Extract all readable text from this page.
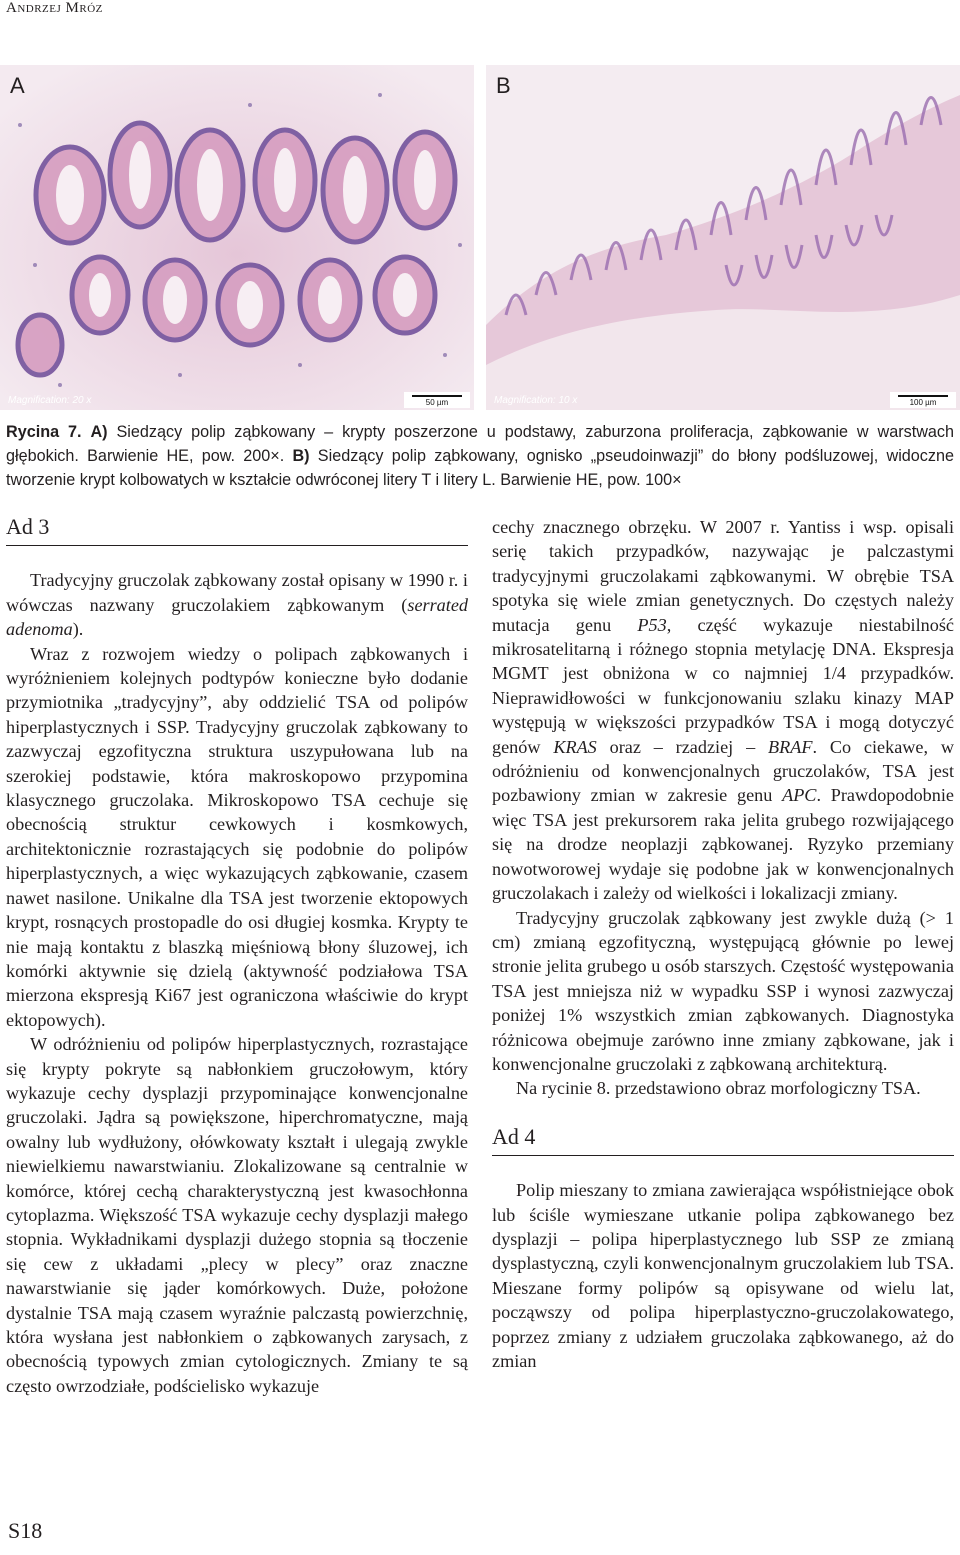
Andrzej Mróz
A
Magnification: 20 x	50 µm
B
Magnification: 10 x	100 µm
Rycina 7. A) Siedzący polip ząbkowany – krypty poszerzone u podstawy, zaburzona proliferacja, ząbkowanie w warstwach głębokich. Barwienie HE, pow. 200×. B) Siedzący polip ząbkowany, ognisko „pseudoinwazji” do błony podśluzowej, widoczne tworzenie krypt kolbowatych w kształcie odwróconej litery T i litery L. Barwienie HE, pow. 100×
Ad 3

Tradycyjny gruczolak ząbkowany został opisany w 1990 r. i wówczas nazwany gruczolakiem ząbkowanym (serrated adenoma).

Wraz z rozwojem wiedzy o polipach ząbkowanych i wyróżnieniem kolejnych podtypów konieczne było dodanie przymiotnika „tradycyjny”, aby oddzielić TSA od polipów hiperplastycznych i SSP. Tradycyjny gruczolak ząbkowany to zazwyczaj egzofityczna struktura uszypułowana lub na szerokiej podstawie, która makroskopowo przypomina klasycznego gruczolaka. Mikroskopowo TSA cechuje się obecnością struktur cewkowych i kosmkowych, architektonicznie rozrastających się podobnie do polipów hiperplastycznych, a więc wykazujących ząbkowanie, czasem nawet nasilone. Unikalne dla TSA jest tworzenie ektopowych krypt, rosnących prostopadle do osi długiej kosmka. Krypty te nie mają kontaktu z blaszką mięśniową błony śluzowej, ich komórki aktywnie się dzielą (aktywność podziałowa TSA mierzona ekspresją Ki67 jest ograniczona właściwie do krypt ektopowych).

W odróżnieniu od polipów hiperplastycznych, rozrastające się krypty pokryte są nabłonkiem gruczołowym, który wykazuje cechy dysplazji przypominające konwencjonalne gruczolaki. Jądra są powiększone, hiperchromatyczne, mają owalny lub wydłużony, ołówkowaty kształt i ulegają zwykle niewielkiemu nawarstwianiu. Zlokalizowane są centralnie w komórce, której cechą charakterystyczną jest kwasochłonna cytoplazma. Większość TSA wykazuje cechy dysplazji małego stopnia. Wykładnikami dysplazji dużego stopnia są tłoczenie się cew z układami „plecy w plecy” oraz znaczne nawarstwianie się jąder komórkowych. Duże, położone dystalnie TSA mają czasem wyraźnie palczastą powierzchnię, która wysłana jest nabłonkiem o ząbkowanych zarysach, z obecnością typowych zmian cytologicznych. Zmiany te są często owrzodziałe, podścielisko wykazuje

cechy znacznego obrzęku. W 2007 r. Yantiss i wsp. opisali serię takich przypadków, nazywając je palczastymi tradycyjnymi gruczolakami ząbkowanymi. W obrębie TSA spotyka się wiele zmian genetycznych. Do częstych należy mutacja genu P53, część wykazuje niestabilność mikrosatelitarną i różnego stopnia metylację DNA. Ekspresja MGMT jest obniżona w co najmniej 1/4 przypadków. Nieprawidłowości w funkcjonowaniu szlaku kinazy MAP występują w większości przypadków TSA i mogą dotyczyć genów KRAS oraz – rzadziej – BRAF. Co ciekawe, w odróżnieniu od konwencjonalnych gruczolaków, TSA jest pozbawiony zmian w zakresie genu APC. Prawdopodobnie więc TSA jest prekursorem raka jelita grubego rozwijającego się na drodze neoplazji ząbkowanej. Ryzyko przemiany nowotworowej wydaje się podobne jak w konwencjonalnych gruczolakach i zależy od wielkości i lokalizacji zmiany.

Tradycyjny gruczolak ząbkowany jest zwykle dużą (> 1 cm) zmianą egzofityczną, występującą głównie po lewej stronie jelita grubego u osób starszych. Częstość występowania TSA jest mniejsza niż w wypadku SSP i wynosi zazwyczaj poniżej 1% wszystkich zmian ząbkowanych. Diagnostyka różnicowa obejmuje zarówno inne zmiany ząbkowane, jak i konwencjonalne gruczolaki z ząbkowaną architekturą.

Na rycinie 8. przedstawiono obraz morfologiczny TSA.

Ad 4

Polip mieszany to zmiana zawierająca współistniejące obok lub ściśle wymieszane utkanie polipa ząbkowanego bez dysplazji – polipa hiperplastycznego lub SSP ze zmianą dysplastyczną, czyli konwencjonalnym gruczolakiem lub TSA. Mieszane formy polipów są opisywane od wielu lat, począwszy od polipa hiperplastyczno-gruczolakowatego, poprzez zmiany z udziałem gruczolaka ząbkowanego, aż do zmian

S18
